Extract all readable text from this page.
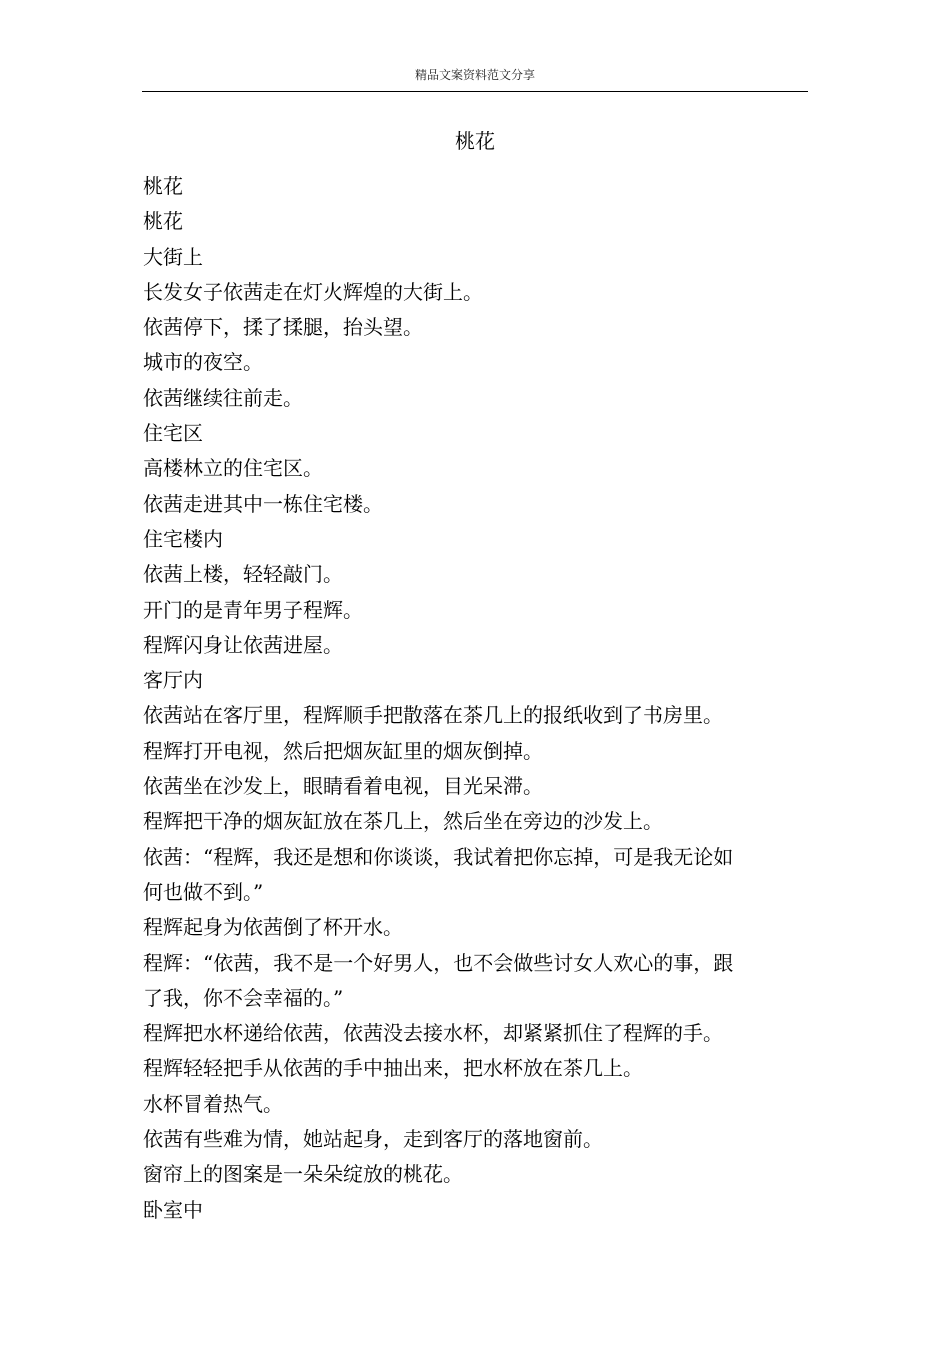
精品文案资料范文分享
桃花
桃花
桃花
大街上
长发女子依茜走在灯火辉煌的大街上。
依茜停下，揉了揉腿，抬头望。
城市的夜空。
依茜继续往前走。
住宅区
高楼林立的住宅区。
依茜走进其中一栋住宅楼。
住宅楼内
依茜上楼，轻轻敲门。
开门的是青年男子程辉。
程辉闪身让依茜进屋。
客厅内
依茜站在客厅里，程辉顺手把散落在茶几上的报纸收到了书房里。
程辉打开电视，然后把烟灰缸里的烟灰倒掉。
依茜坐在沙发上，眼睛看着电视，目光呆滞。
程辉把干净的烟灰缸放在茶几上，然后坐在旁边的沙发上。
依茜：“程辉，我还是想和你谈谈，我试着把你忘掉，可是我无论如
何也做不到。”
程辉起身为依茜倒了杯开水。
程辉：“依茜，我不是一个好男人，也不会做些讨女人欢心的事，跟
了我，你不会幸福的。”
程辉把水杯递给依茜，依茜没去接水杯，却紧紧抓住了程辉的手。
程辉轻轻把手从依茜的手中抽出来，把水杯放在茶几上。
水杯冒着热气。
依茜有些难为情，她站起身，走到客厅的落地窗前。
窗帘上的图案是一朵朵绽放的桃花。
卧室中
